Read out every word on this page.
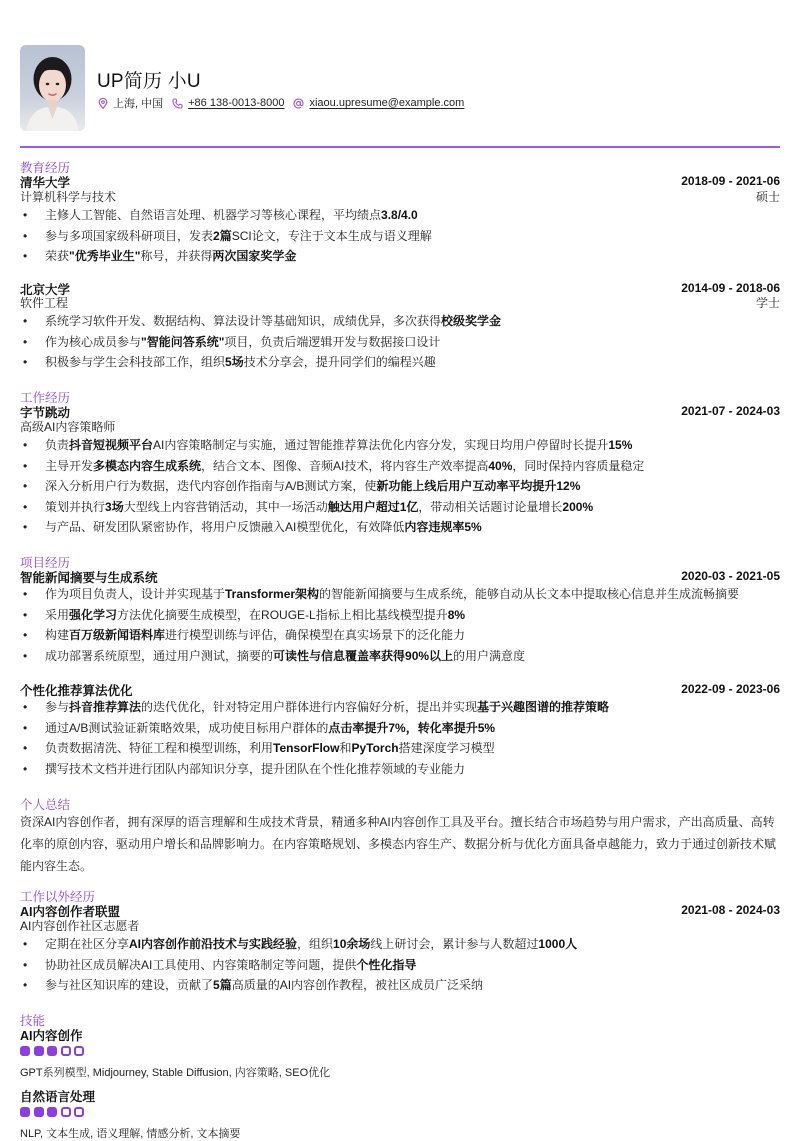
UP简历 小U
上海, 中国 +86 138-0013-8000 xiaou.upresume@example.com
教育经历
清华大学	2018-09 - 2021-06
计算机科学与技术	硕士
• 主修人工智能、自然语言处理、机器学习等核心课程，平均绩点3.8/4.0
• 参与多项国家级科研项目，发表2篇SCI论文，专注于文本生成与语义理解
• 荣获"优秀毕业生"称号，并获得两次国家奖学金
北京大学	2014-09 - 2018-06
软件工程	学士
• 系统学习软件开发、数据结构、算法设计等基础知识，成绩优异，多次获得校级奖学金
• 作为核心成员参与"智能问答系统"项目，负责后端逻辑开发与数据接口设计
• 积极参与学生会科技部工作，组织5场技术分享会，提升同学们的编程兴趣
工作经历
字节跳动	2021-07 - 2024-03
高级AI内容策略师
• 负责抖音短视频平台AI内容策略制定与实施，通过智能推荐算法优化内容分发，实现日均用户停留时长提升15%
• 主导开发多模态内容生成系统，结合文本、图像、音频AI技术，将内容生产效率提高40%，同时保持内容质量稳定
• 深入分析用户行为数据，迭代内容创作指南与A/B测试方案，使新功能上线后用户互动率平均提升12%
• 策划并执行3场大型线上内容营销活动，其中一场活动触达用户超过1亿，带动相关话题讨论量增长200%
• 与产品、研发团队紧密协作，将用户反馈融入AI模型优化，有效降低内容违规率5%
项目经历
智能新闻摘要与生成系统	2020-03 - 2021-05
• 作为项目负责人，设计并实现基于Transformer架构的智能新闻摘要与生成系统，能够自动从长文本中提取核心信息并生成流畅摘要
• 采用强化学习方法优化摘要生成模型，在ROUGE-L指标上相比基线模型提升8%
• 构建百万级新闻语料库进行模型训练与评估，确保模型在真实场景下的泛化能力
• 成功部署系统原型，通过用户测试，摘要的可读性与信息覆盖率获得90%以上的用户满意度
个性化推荐算法优化	2022-09 - 2023-06
• 参与抖音推荐算法的迭代优化，针对特定用户群体进行内容偏好分析，提出并实现基于兴趣图谱的推荐策略
• 通过A/B测试验证新策略效果，成功使目标用户群体的点击率提升7%，转化率提升5%
• 负责数据清洗、特征工程和模型训练，利用TensorFlow和PyTorch搭建深度学习模型
• 撰写技术文档并进行团队内部知识分享，提升团队在个性化推荐领域的专业能力
个人总结
资深AI内容创作者，拥有深厚的语言理解和生成技术背景，精通多种AI内容创作工具及平台。擅长结合市场趋势与用户需求，产出高质量、高转化率的原创内容，驱动用户增长和品牌影响力。在内容策略规划、多模态内容生产、数据分析与优化方面具备卓越能力，致力于通过创新技术赋能内容生态。
工作以外经历
AI内容创作者联盟	2021-08 - 2024-03
AI内容创作社区志愿者
• 定期在社区分享AI内容创作前沿技术与实践经验，组织10余场线上研讨会，累计参与人数超过1000人
• 协助社区成员解决AI工具使用、内容策略制定等问题，提供个性化指导
• 参与社区知识库的建设，贡献了5篇高质量的AI内容创作教程，被社区成员广泛采纳
技能
AI内容创作
GPT系列模型, Midjourney, Stable Diffusion, 内容策略, SEO优化
自然语言处理
NLP, 文本生成, 语义理解, 情感分析, 文本摘要
